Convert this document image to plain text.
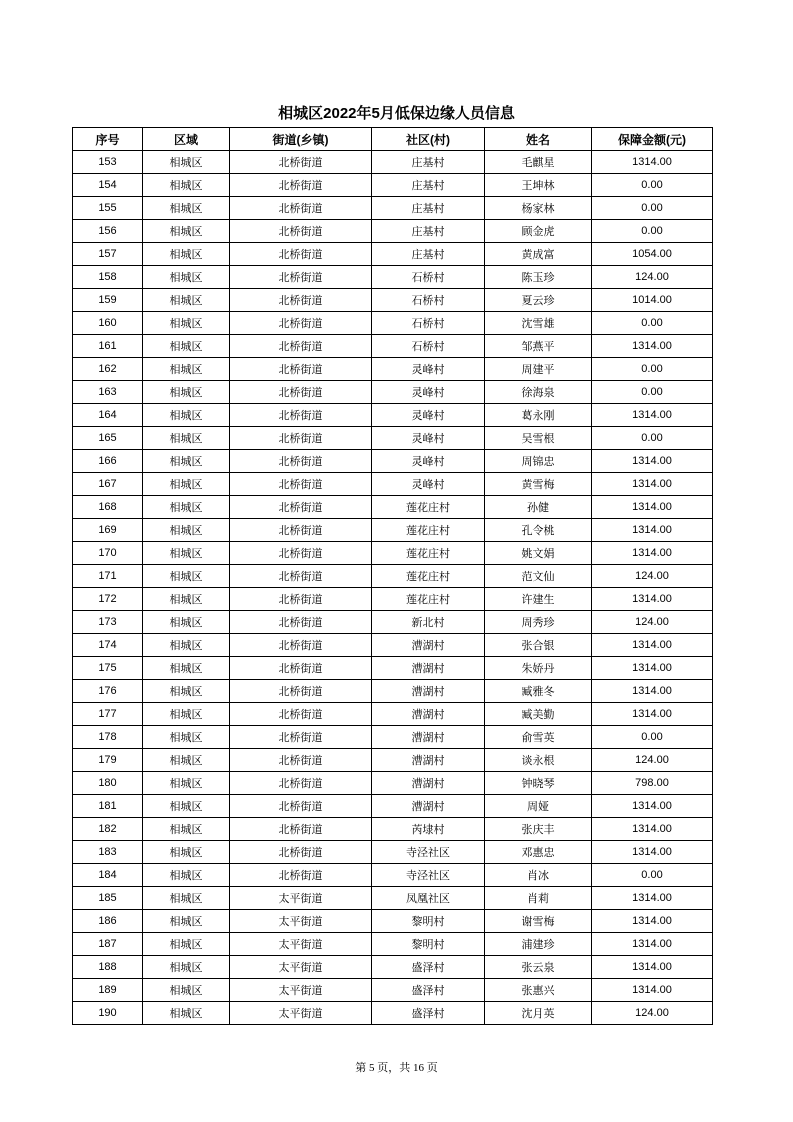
相城区2022年5月低保边缘人员信息
序号	区域	街道(乡镇)	社区(村)	姓名	保障金额(元)
153	相城区	北桥街道	庄基村	毛麒星	1314.00
154	相城区	北桥街道	庄基村	王坤林	0.00
155	相城区	北桥街道	庄基村	杨家林	0.00
156	相城区	北桥街道	庄基村	顾金虎	0.00
157	相城区	北桥街道	庄基村	黄成富	1054.00
158	相城区	北桥街道	石桥村	陈玉珍	124.00
159	相城区	北桥街道	石桥村	夏云珍	1014.00
160	相城区	北桥街道	石桥村	沈雪雄	0.00
161	相城区	北桥街道	石桥村	邹燕平	1314.00
162	相城区	北桥街道	灵峰村	周建平	0.00
163	相城区	北桥街道	灵峰村	徐海泉	0.00
164	相城区	北桥街道	灵峰村	葛永刚	1314.00
165	相城区	北桥街道	灵峰村	吴雪根	0.00
166	相城区	北桥街道	灵峰村	周锦忠	1314.00
167	相城区	北桥街道	灵峰村	黄雪梅	1314.00
168	相城区	北桥街道	莲花庄村	孙健	1314.00
169	相城区	北桥街道	莲花庄村	孔令桃	1314.00
170	相城区	北桥街道	莲花庄村	姚文娟	1314.00
171	相城区	北桥街道	莲花庄村	范文仙	124.00
172	相城区	北桥街道	莲花庄村	许建生	1314.00
173	相城区	北桥街道	新北村	周秀珍	124.00
174	相城区	北桥街道	漕湖村	张合银	1314.00
175	相城区	北桥街道	漕湖村	朱娇丹	1314.00
176	相城区	北桥街道	漕湖村	臧雅冬	1314.00
177	相城区	北桥街道	漕湖村	臧美勤	1314.00
178	相城区	北桥街道	漕湖村	俞雪英	0.00
179	相城区	北桥街道	漕湖村	谈永根	124.00
180	相城区	北桥街道	漕湖村	钟晓琴	798.00
181	相城区	北桥街道	漕湖村	周娅	1314.00
182	相城区	北桥街道	芮埭村	张庆丰	1314.00
183	相城区	北桥街道	寺泾社区	邓惠忠	1314.00
184	相城区	北桥街道	寺泾社区	肖冰	0.00
185	相城区	太平街道	凤凰社区	肖莉	1314.00
186	相城区	太平街道	黎明村	谢雪梅	1314.00
187	相城区	太平街道	黎明村	浦建珍	1314.00
188	相城区	太平街道	盛泽村	张云泉	1314.00
189	相城区	太平街道	盛泽村	张惠兴	1314.00
190	相城区	太平街道	盛泽村	沈月英	124.00
第 5 页，共 16 页
